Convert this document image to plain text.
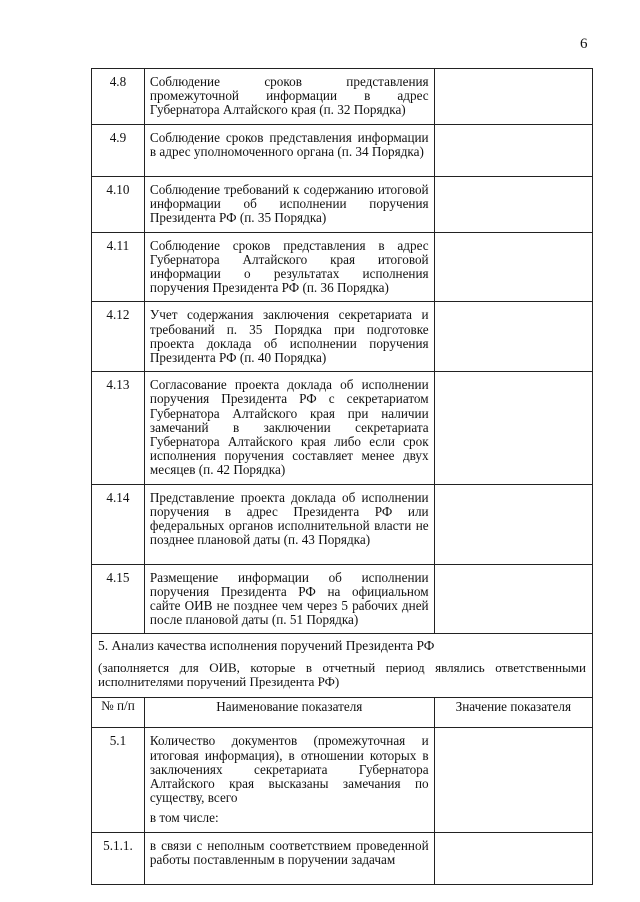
6
4.8	Соблюдение сроков представления промежуточной информации в адрес Губернатора Алтайского края (п. 32 Порядка)	
4.9	Соблюдение сроков представления информации в адрес уполномоченного органа (п. 34 Порядка)	
4.10	Соблюдение требований к содержанию итоговой информации об исполнении поручения Президента РФ (п. 35 Порядка)	
4.11	Соблюдение сроков представления в адрес Губернатора Алтайского края итоговой информации о результатах исполнения поручения Президента РФ (п. 36 Порядка)	
4.12	Учет содержания заключения секретариата и требований п. 35 Порядка при подготовке проекта доклада об исполнении поручения Президента РФ (п. 40 Порядка)	
4.13	Согласование проекта доклада об исполнении поручения Президента РФ с секретариатом Губернатора Алтайского края при наличии замечаний в заключении секретариата Губернатора Алтайского края либо если срок исполнения поручения составляет менее двух месяцев (п. 42 Порядка)	
4.14	Представление проекта доклада об исполнении поручения в адрес Президента РФ или федеральных органов исполнительной власти не позднее плановой даты (п. 43 Порядка)	
4.15	Размещение информации об исполнении поручения Президента РФ на официальном сайте ОИВ не позднее чем через 5 рабочих дней после плановой даты (п. 51 Порядка)	

5. Анализ качества исполнения поручений Президента РФ
(заполняется для ОИВ, которые в отчетный период являлись ответственными исполнителями поручений Президента РФ)		

№ п/п	Наименование показателя	Значение показателя
5.1	Количество документов (промежуточная и итоговая информация), в отношении которых в заключениях секретариата Губернатора Алтайского края высказаны замечания по существу, всего
в том числе:	

5.1.1.	в связи с неполным соответствием проведенной работы поставленным в поручении задачам	
